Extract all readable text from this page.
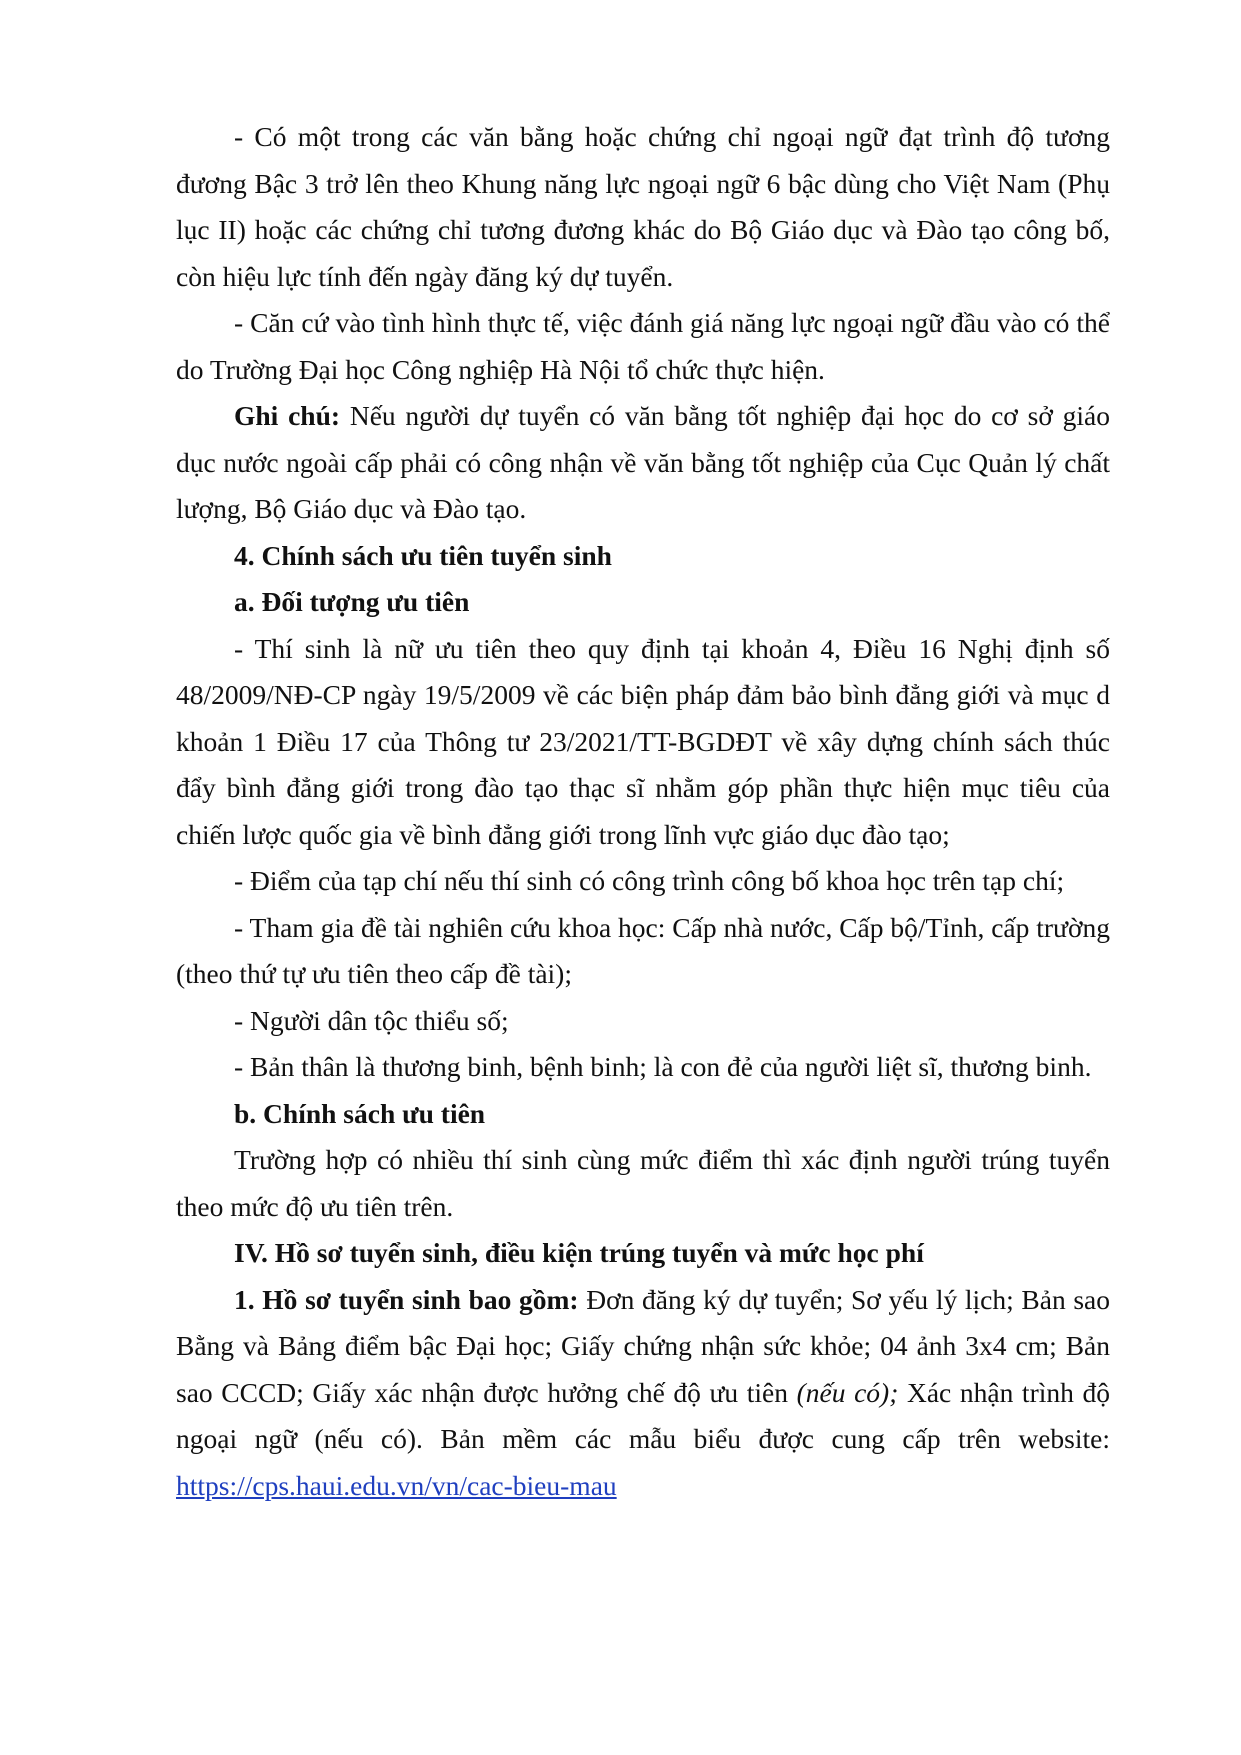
- Có một trong các văn bằng hoặc chứng chỉ ngoại ngữ đạt trình độ tương đương Bậc 3 trở lên theo Khung năng lực ngoại ngữ 6 bậc dùng cho Việt Nam (Phụ lục II) hoặc các chứng chỉ tương đương khác do Bộ Giáo dục và Đào tạo công bố, còn hiệu lực tính đến ngày đăng ký dự tuyển.

- Căn cứ vào tình hình thực tế, việc đánh giá năng lực ngoại ngữ đầu vào có thể do Trường Đại học Công nghiệp Hà Nội tổ chức thực hiện.

Ghi chú: Nếu người dự tuyển có văn bằng tốt nghiệp đại học do cơ sở giáo dục nước ngoài cấp phải có công nhận về văn bằng tốt nghiệp của Cục Quản lý chất lượng, Bộ Giáo dục và Đào tạo.

4. Chính sách ưu tiên tuyển sinh

a. Đối tượng ưu tiên

- Thí sinh là nữ ưu tiên theo quy định tại khoản 4, Điều 16 Nghị định số 48/2009/NĐ-CP ngày 19/5/2009 về các biện pháp đảm bảo bình đẳng giới và mục d khoản 1 Điều 17 của Thông tư 23/2021/TT-BGDĐT về xây dựng chính sách thúc đẩy bình đẳng giới trong đào tạo thạc sĩ nhằm góp phần thực hiện mục tiêu của chiến lược quốc gia về bình đẳng giới trong lĩnh vực giáo dục đào tạo;

- Điểm của tạp chí nếu thí sinh có công trình công bố khoa học trên tạp chí;

- Tham gia đề tài nghiên cứu khoa học: Cấp nhà nước, Cấp bộ/Tỉnh, cấp trường (theo thứ tự ưu tiên theo cấp đề tài);

- Người dân tộc thiểu số;

- Bản thân là thương binh, bệnh binh; là con đẻ của người liệt sĩ, thương binh.

b. Chính sách ưu tiên

Trường hợp có nhiều thí sinh cùng mức điểm thì xác định người trúng tuyển theo mức độ ưu tiên trên.

IV. Hồ sơ tuyển sinh, điều kiện trúng tuyển và mức học phí

1. Hồ sơ tuyển sinh bao gồm: Đơn đăng ký dự tuyển; Sơ yếu lý lịch; Bản sao Bằng và Bảng điểm bậc Đại học; Giấy chứng nhận sức khỏe; 04 ảnh 3x4 cm; Bản sao CCCD; Giấy xác nhận được hưởng chế độ ưu tiên (nếu có); Xác nhận trình độ ngoại ngữ (nếu có). Bản mềm các mẫu biểu được cung cấp trên website: https://cps.haui.edu.vn/vn/cac-bieu-mau
